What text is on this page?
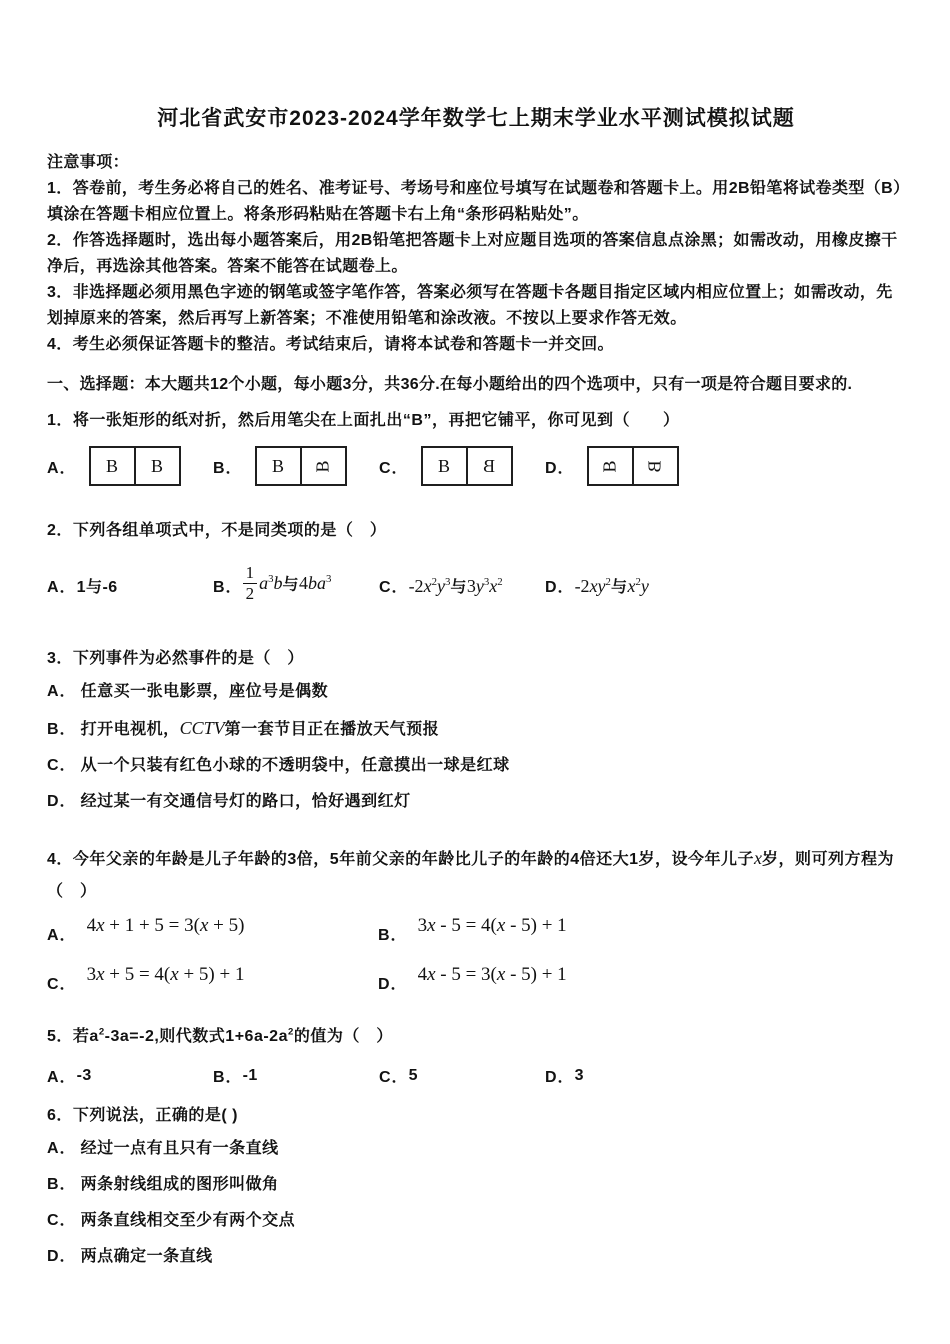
河北省武安市2023-2024学年数学七上期末学业水平测试模拟试题

注意事项：

1．答卷前，考生务必将自己的姓名、准考证号、考场号和座位号填写在试题卷和答题卡上。用2B铅笔将试卷类型（B）填涂在答题卡相应位置上。将条形码粘贴在答题卡右上角“条形码粘贴处”。

2．作答选择题时，选出每小题答案后，用2B铅笔把答题卡上对应题目选项的答案信息点涂黑；如需改动，用橡皮擦干净后，再选涂其他答案。答案不能答在试题卷上。

3．非选择题必须用黑色字迹的钢笔或签字笔作答，答案必须写在答题卡各题目指定区域内相应位置上；如需改动，先划掉原来的答案，然后再写上新答案；不准使用铅笔和涂改液。不按以上要求作答无效。

4．考生必须保证答题卡的整洁。考试结束后，请将本试卷和答题卡一并交回。

一、选择题：本大题共12个小题，每小题3分，共36分.在每小题给出的四个选项中，只有一项是符合题目要求的.

1．将一张矩形的纸对折，然后用笔尖在上面扎出“B”，再把它铺平，你可见到（　　）

A． B B	B． B B	C． B B	D． B B

2．下列各组单项式中，不是同类项的是（　）

A． 1与-6	B． $\frac{1}{2} a^3b$与$4ba^3$	C． $-2x^2y^3$与$3y^3x^2$	D． $-2xy^2$与$x^2y$

3．下列事件为必然事件的是（　）

A． 任意买一张电影票，座位号是偶数

B． 打开电视机，CCTV第一套节目正在播放天气预报

C． 从一个只装有红色小球的不透明袋中，任意摸出一球是红球

D． 经过某一有交通信号灯的路口，恰好遇到红灯

4．今年父亲的年龄是儿子年龄的3倍，5年前父亲的年龄比儿子的年龄的4倍还大1岁，设今年儿子x岁，则可列方程为（　）

A． 4x + 1 + 5 = 3(x + 5)	B． 3x - 5 = 4(x - 5) + 1
C． 3x + 5 = 4(x + 5) + 1	D． 4x - 5 = 3(x - 5) + 1

5．若$a^2-3a=-2$,则代数式$1+6a-2a^2$的值为（　）

A． -3	B． -1	C． 5	D． 3

6．下列说法，正确的是( )

A． 经过一点有且只有一条直线

B． 两条射线组成的图形叫做角

C． 两条直线相交至少有两个交点

D． 两点确定一条直线
